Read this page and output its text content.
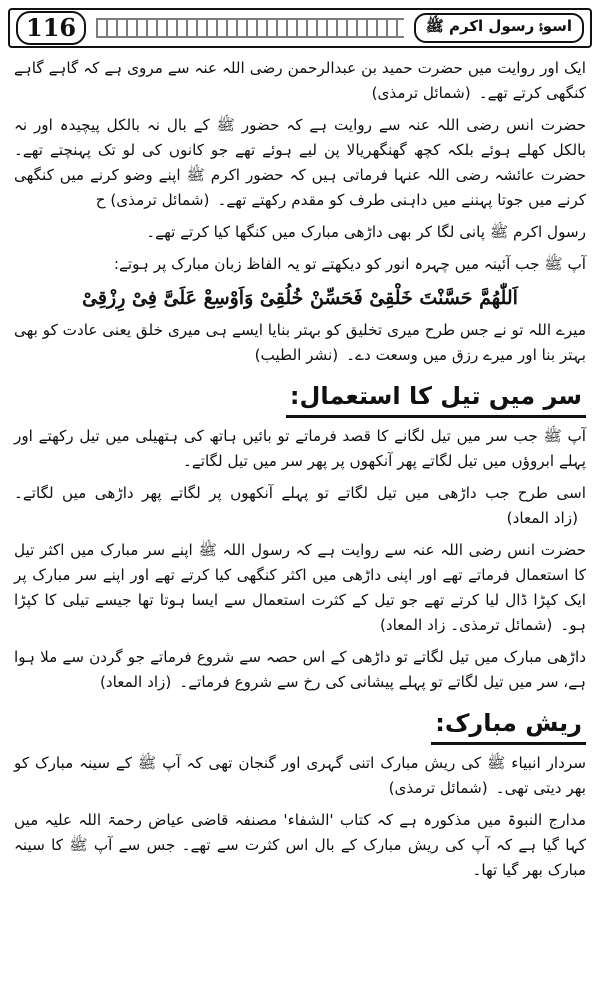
116	اسوۂ رسول اکرم ﷺ

ایک اور روایت میں حضرت حمید بن عبدالرحمن رضی اللہ عنہ سے مروی ہے کہ گاہے گاہے کنگھی کرتے تھے۔(شمائل ترمذی)

حضرت انس رضی اللہ عنہ سے روایت ہے کہ حضور ﷺ کے بال نہ بالکل پیچیدہ اور نہ بالکل کھلے ہوئے بلکہ کچھ گھنگھریالا پن لیے ہوئے تھے جو کانوں کی لو تک پہنچتے تھے۔ حضرت عائشہ رضی اللہ عنہا فرماتی ہیں کہ حضور اکرم ﷺ اپنے وضو کرنے میں کنگھی کرنے میں جوتا پہننے میں داہنی طرف کو مقدم رکھتے تھے۔(شمائل ترمذی) ح

رسول اکرم ﷺ پانی لگا کر بھی داڑھی مبارک میں کنگھا کیا کرتے تھے۔

آپ ﷺ جب آئینہ میں چہرہ انور کو دیکھتے تو یہ الفاظ زبان مبارک پر ہوتے:

اَللّٰھُمَّ حَسَّنْتَ خَلْقِیْ فَحَسِّنْ خُلُقِیْ وَاَوْسِعْ عَلَیَّ فِیْ رِزْقِیْ

میرے اللہ تو نے جس طرح میری تخلیق کو بہتر بنایا ایسے ہی میری خلق یعنی عادت کو بھی بہتر بنا اور میرے رزق میں وسعت دے۔(نشر الطیب)

سر میں تیل کا استعمال:

آپ ﷺ جب سر میں تیل لگانے کا قصد فرماتے تو بائیں ہاتھ کی ہتھیلی میں تیل رکھتے اور پہلے ابروؤں میں تیل لگاتے پھر آنکھوں پر پھر سر میں تیل لگاتے۔

اسی طرح جب داڑھی میں تیل لگاتے تو پہلے آنکھوں پر لگاتے پھر داڑھی میں لگاتے۔(زاد المعاد)

حضرت انس رضی اللہ عنہ سے روایت ہے کہ رسول اللہ ﷺ اپنے سر مبارک میں اکثر تیل کا استعمال فرماتے تھے اور اپنی داڑھی میں اکثر کنگھی کیا کرتے تھے اور اپنے سر مبارک پر ایک کپڑا ڈال لیا کرتے تھے جو تیل کے کثرت استعمال سے ایسا ہوتا تھا جیسے تیلی کا کپڑا ہو۔(شمائل ترمذی۔ زاد المعاد)

داڑھی مبارک میں تیل لگاتے تو داڑھی کے اس حصہ سے شروع فرماتے جو گردن سے ملا ہوا ہے، سر میں تیل لگاتے تو پہلے پیشانی کی رخ سے شروع فرماتے۔(زاد المعاد)

ریش مبارک:

سردار انبیاء ﷺ کی ریش مبارک اتنی گہری اور گنجان تھی کہ آپ ﷺ کے سینہ مبارک کو بھر دیتی تھی۔(شمائل ترمذی)

مدارج النبوۃ میں مذکورہ ہے کہ کتاب 'الشفاء' مصنفہ قاضی عیاض رحمۃ اللہ علیہ میں کہا گیا ہے کہ آپ کی ریش مبارک کے بال اس کثرت سے تھے۔ جس سے آپ ﷺ کا سینہ مبارک بھر گیا تھا۔
